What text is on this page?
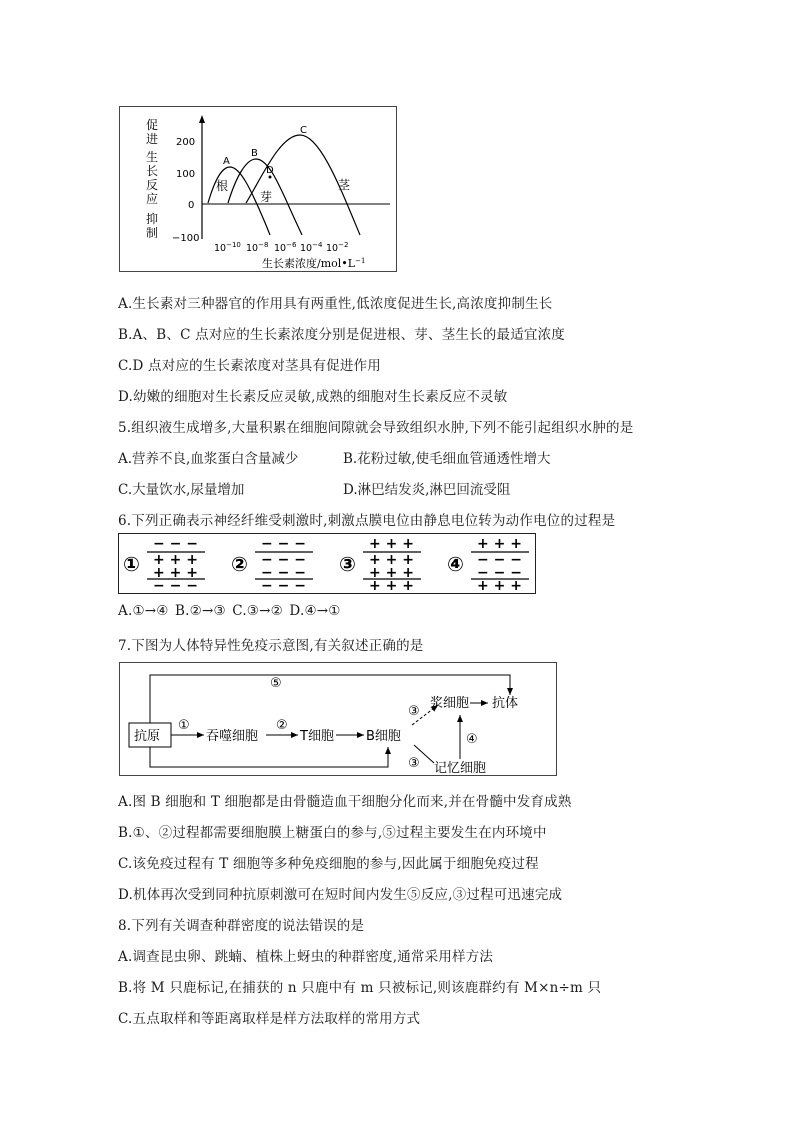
促
进
生
长
反
应
抑
制
200
100
0
−100
A
B
C
D
根
芽
茎
$10^{-10}$ $10^{-8}$ $10^{-6}$ $10^{-4}$ $10^{-2}$
生长素浓度$/mol•L^{-1}$
A.生长素对三种器官的作用具有两重性,低浓度促进生长,高浓度抑制生长
B.A、B、C 点对应的生长素浓度分别是促进根、芽、茎生长的最适宜浓度
C.D 点对应的生长素浓度对茎具有促进作用
D.幼嫩的细胞对生长素反应灵敏,成熟的细胞对生长素反应不灵敏
5.组织液生成增多,大量积累在细胞间隙就会导致组织水肿,下列不能引起组织水肿的是
A.营养不良,血浆蛋白含量减少	B.花粉过敏,使毛细血管通透性增大
C.大量饮水,尿量增加	D.淋巴结发炎,淋巴回流受阻
6.下列正确表示神经纤维受刺激时,刺激点膜电位由静息电位转为动作电位的过程是
①
− − −
+ + +
+ + +
− − −
②
− − −
− − −
− − −
− − −
③
+ + +
+ + +
+ + +
+ + +
④
+ + +
− − −
− − −
+ + +
A.①→④ B.②→③ C.③→② D.④→①
7.下图为人体特异性免疫示意图,有关叙述正确的是
抗原
⑤
①
吞噬细胞
②
T细胞 B细胞
③
浆细胞 抗体
③ 记忆细胞
④
A.图 B 细胞和 T 细胞都是由骨髓造血干细胞分化而来,并在骨髓中发育成熟
B.①、②过程都需要细胞膜上糖蛋白的参与,⑤过程主要发生在内环境中
C.该免疫过程有 T 细胞等多种免疫细胞的参与,因此属于细胞免疫过程
D.机体再次受到同种抗原刺激可在短时间内发生⑤反应,③过程可迅速完成
8.下列有关调查种群密度的说法错误的是
A.调查昆虫卵、跳蝻、植株上蚜虫的种群密度,通常采用样方法
B.将 M 只鹿标记,在捕获的 n 只鹿中有 m 只被标记,则该鹿群约有 M×n÷m 只
C.五点取样和等距离取样是样方法取样的常用方式
